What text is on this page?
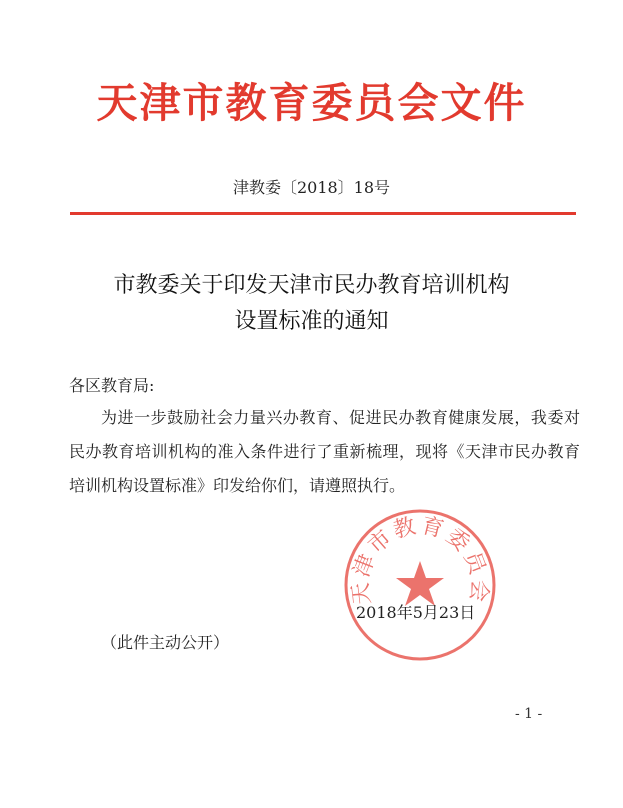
天津市教育委员会文件
津教委〔2018〕18号
市教委关于印发天津市民办教育培训机构
设置标准的通知
各区教育局:
为进一步鼓励社会力量兴办教育、促进民办教育健康发展，我委对民办教育培训机构的准入条件进行了重新梳理，现将《天津市民办教育培训机构设置标准》印发给你们，请遵照执行。
天津市教育委员会
2018年5月23日
（此件主动公开）
- 1 -
